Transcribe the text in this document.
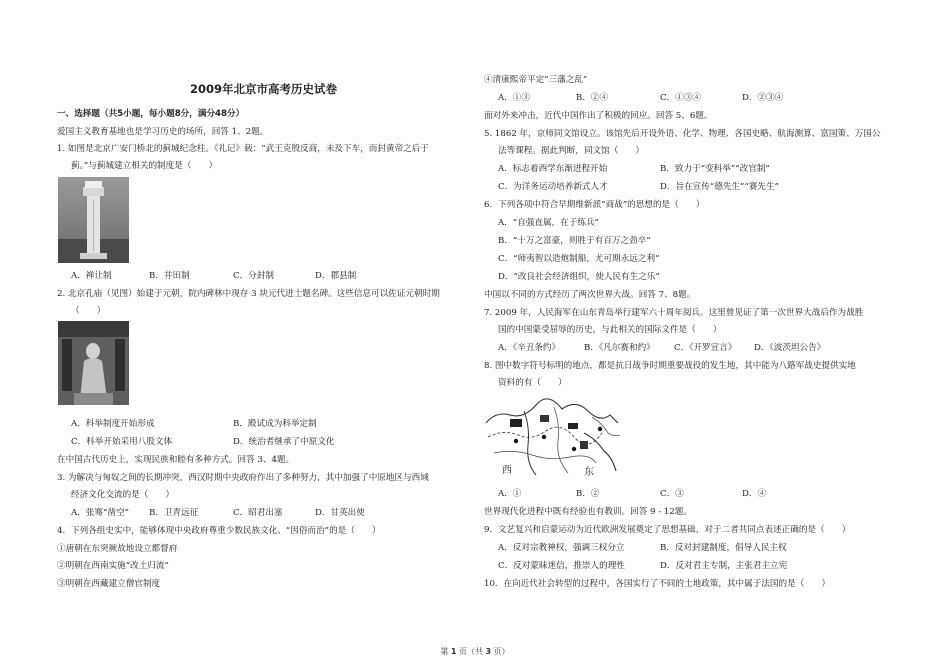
2009年北京市高考历史试卷
一、选择题（共5小题，每小题8分，满分48分）
爱国主义教育基地也是学习历史的场所，回答 1、2题。
1. 如图是北京广安门桥北的蓟城纪念柱。《礼记》载：“武王克殷反商，未及下车，而封黄帝之后于
蓟。”与蓟城建立相关的制度是（　　）
A．禅让制	B．井田制	C．分封制	D．郡县制
2. 北京孔庙（见图）始建于元朝，院内碑林中现存 3 块元代进士题名碑。这些信息可以佐证元朝时期
（　　）
A．科举制度开始形成	B．殿试成为科举定制
C．科举开始采用八股文体	D．统治者继承了中原文化
在中国古代历史上，实现民族和睦有多种方式。回答 3、4题。
3. 为解决与匈奴之间的长期冲突，西汉时期中央政府作出了多种努力，其中加强了中原地区与西域
经济文化交流的是（　　）
A．张骞“凿空” B．卫青远征	C．昭君出塞	D．甘英出使
4．下列各组史实中，能够体现中央政府尊重少数民族文化、“因俗而治”的是（　　）
①唐朝在东突厥故地设立都督府
②明朝在西南实施“改土归流”
③明朝在西藏建立僧官制度
④清康熙帝平定“三藩之乱”
A．①③	B．②④	C．①③④	D．②③④
面对外来冲击，近代中国作出了积极的回应。回答 5、6题。
5. 1862 年，京师同文馆设立。该馆先后开设外语、化学、物理、各国史略、航海测算、富国策、万国公
法等课程。据此判断，同文馆（　　）
A．标志着西学东渐进程开始	B．致力于“变科举”“改官制”
C．为洋务运动培养新式人才	D．旨在宣传“德先生”“赛先生”
6．下列各项中符合早期维新派“商战”的思想的是（　　）
A．“自强直属，在于练兵”
B．“十万之富豪，则胜于有百万之劲卒”
C．“师夷智以造炮制船，尤可期永远之利”
D．“改良社会经济组织，使人民有生之乐”
中国以不同的方式经历了两次世界大战。回答 7、8题。
7. 2009 年，人民海军在山东青岛举行建军六十周年阅兵。这里曾见证了第一次世界大战后作为战胜
国的中国蒙受屈辱的历史，与此相关的国际文件是（　　）
A．《辛丑条约》	B．《凡尔赛和约》 C．《开罗宣言》 D．《波茨坦公告》
8. 图中数字符号标明的地点，都是抗日战争时期重要战役的发生地，其中能为八路军战史提供实地
资料的有（　　）
西	东
A．①	B．②	C．③	D．④
世界现代化进程中既有经验也有教训。回答 9 - 12题。
9．文艺复兴和启蒙运动为近代欧洲发展奠定了思想基础，对于二者共同点表述正确的是（　　）
A．反对宗教神权，强调三权分立	B．反对封建制度，倡导人民主权
C．反对蒙昧迷信，推崇人的理性	D．反对君主专制，主张君主立宪
10．在向近代社会转型的过程中，各国实行了不同的土地政策，其中属于法国的是（　　）
第 1 页（共 3 页）
